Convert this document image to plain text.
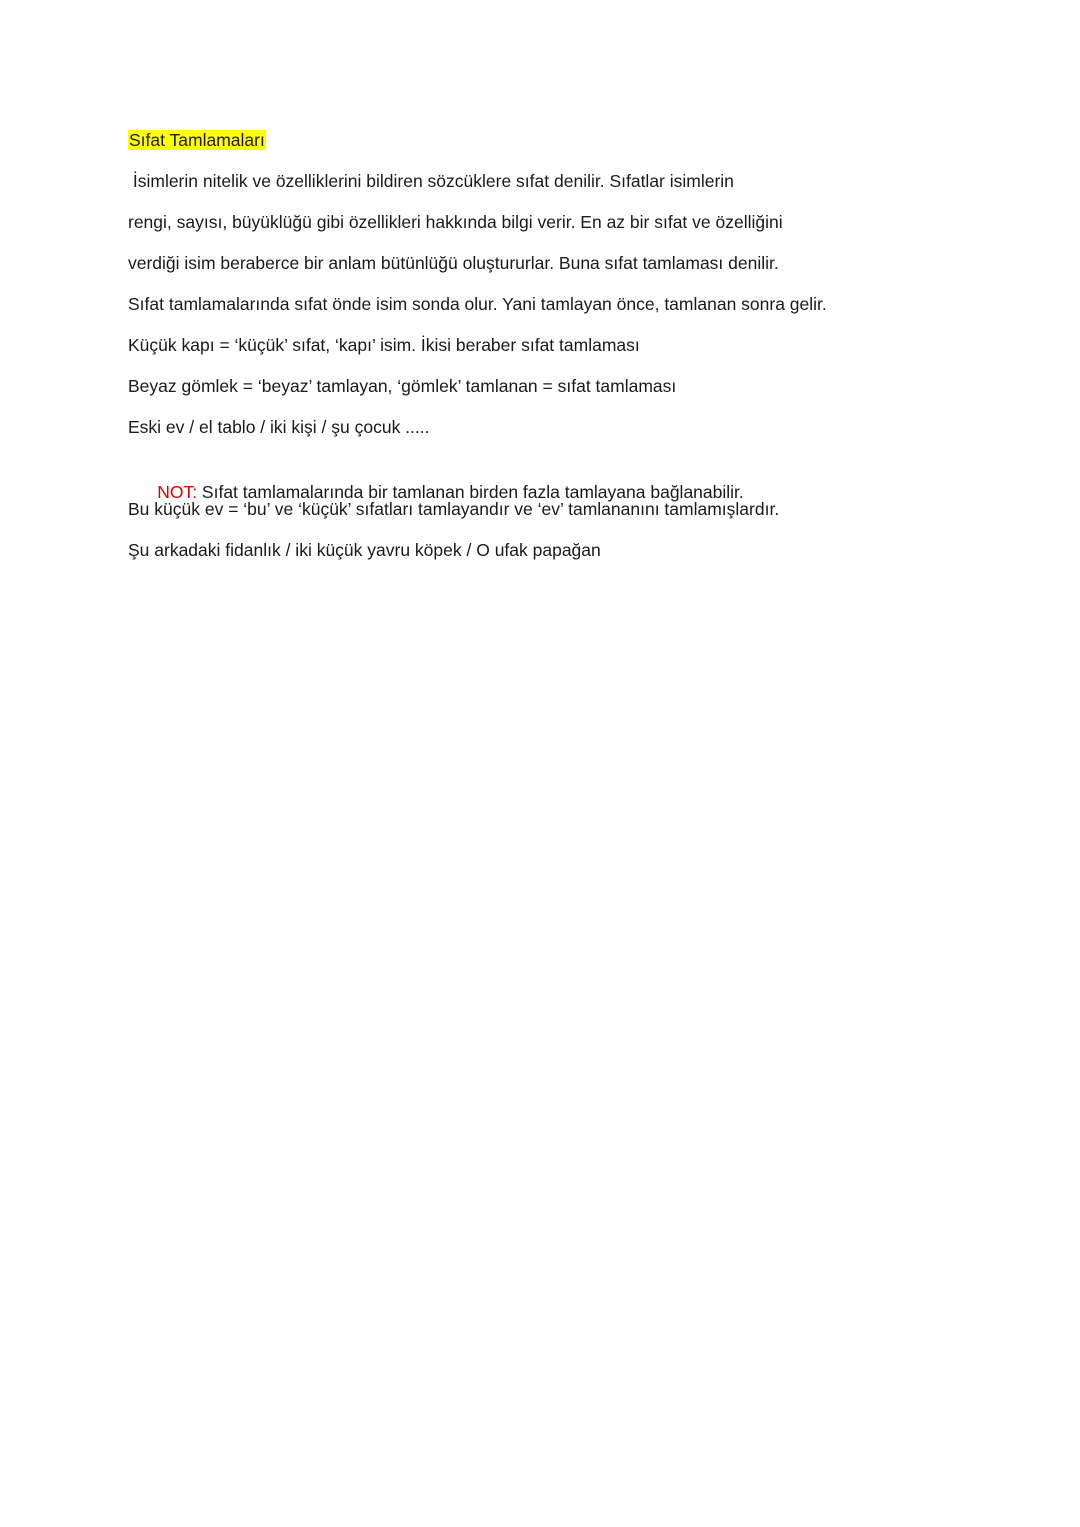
Sıfat Tamlamaları
İsimlerin nitelik ve özelliklerini bildiren sözcüklere sıfat denilir. Sıfatlar isimlerin
rengi, sayısı, büyüklüğü gibi özellikleri hakkında bilgi verir. En az bir sıfat ve özelliğini
verdiği isim beraberce bir anlam bütünlüğü oluştururlar. Buna sıfat tamlaması denilir.
Sıfat tamlamalarında sıfat önde isim sonda olur. Yani tamlayan önce, tamlanan sonra gelir.
Küçük kapı = ‘küçük’ sıfat, ‘kapı’ isim. İkisi beraber sıfat tamlaması
Beyaz gömlek = ‘beyaz’ tamlayan, ‘gömlek’ tamlanan = sıfat tamlaması
Eski ev / el tablo / iki kişi / şu çocuk .....

NOT: Sıfat tamlamalarında bir tamlanan birden fazla tamlayana bağlanabilir.

Bu küçük ev = ‘bu’ ve ‘küçük’ sıfatları tamlayandır ve ‘ev’ tamlananını tamlamışlardır.
Şu arkadaki fidanlık / iki küçük yavru köpek / O ufak papağan
